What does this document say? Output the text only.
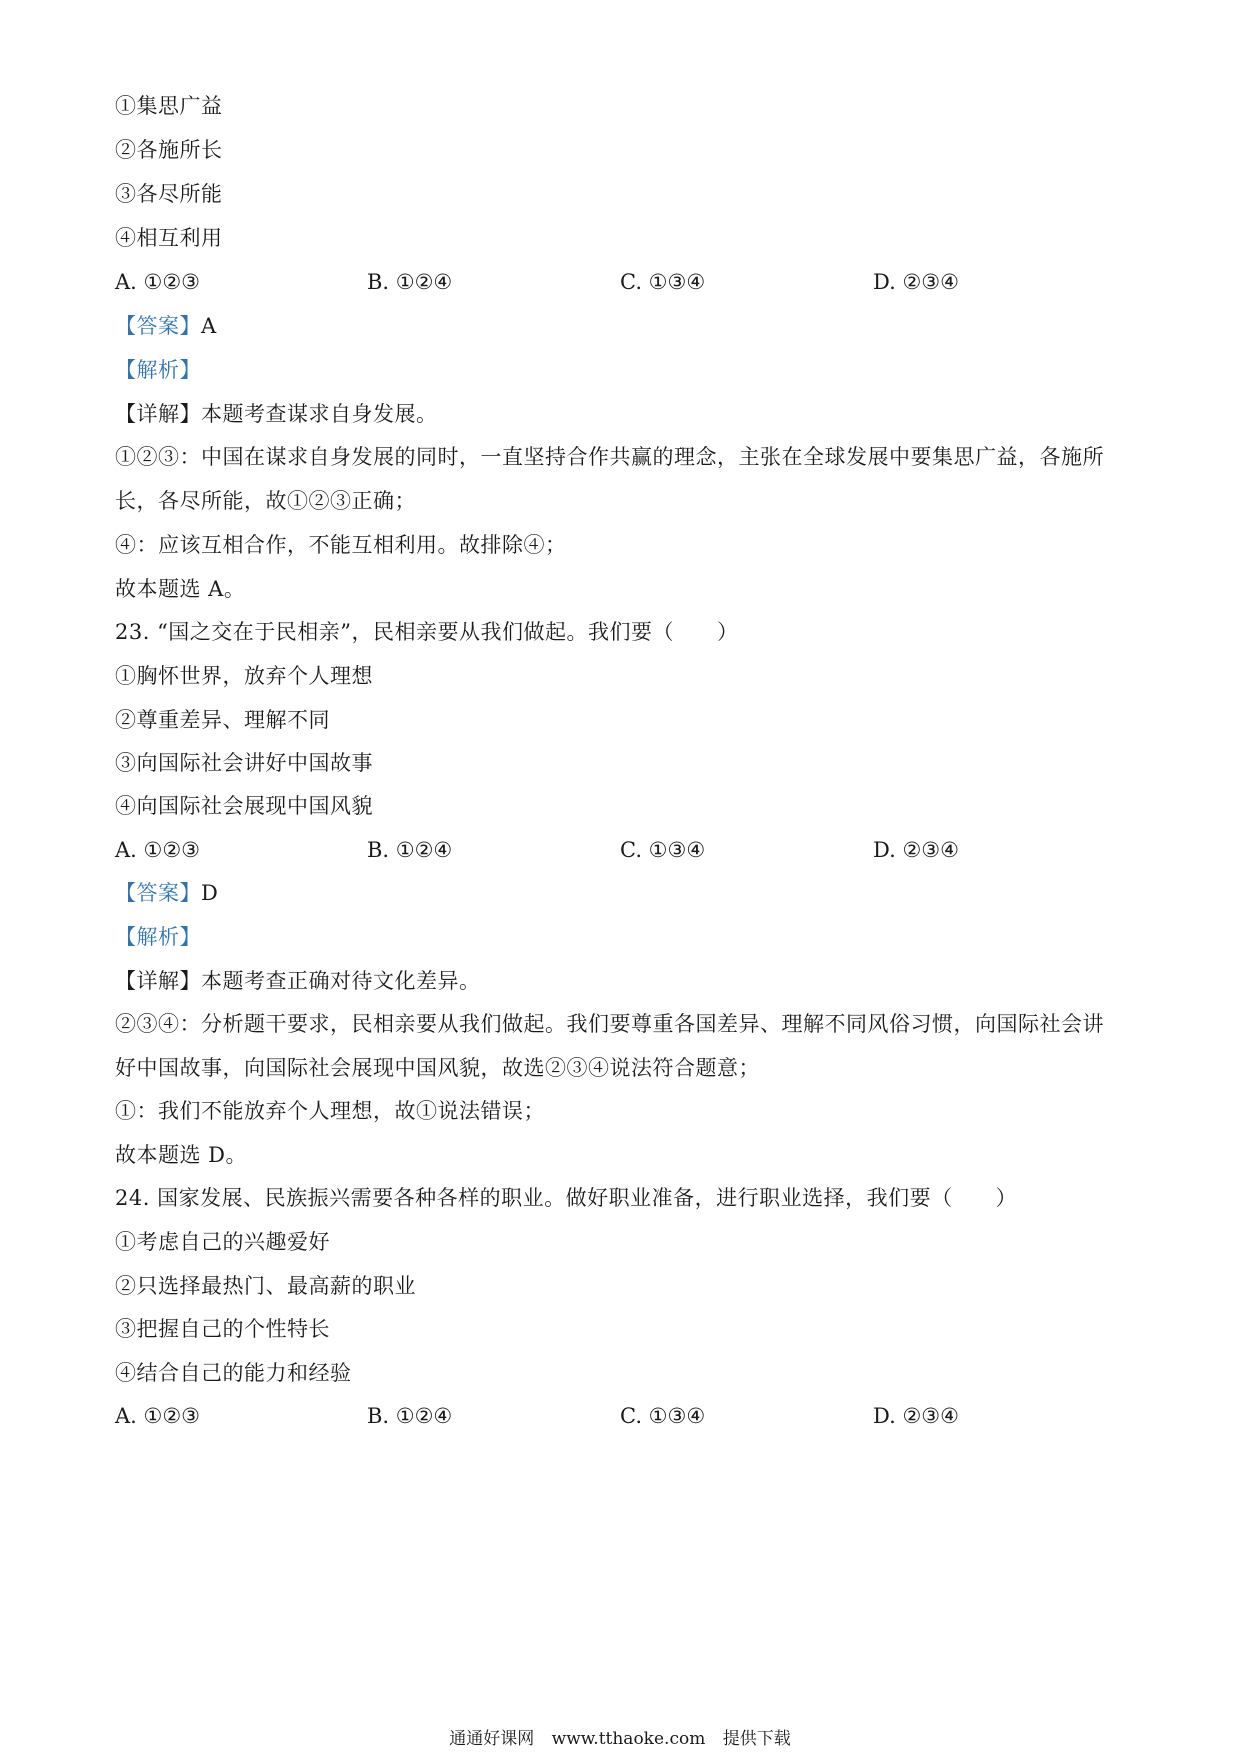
①集思广益
②各施所长
③各尽所能
④相互利用
A. ①②③	B. ①②④	C. ①③④	D. ②③④
【答案】A
【解析】
【详解】本题考查谋求自身发展。
①②③：中国在谋求自身发展的同时，一直坚持合作共赢的理念，主张在全球发展中要集思广益，各施所
长，各尽所能，故①②③正确；
④：应该互相合作，不能互相利用。故排除④；
故本题选 A。
23. “国之交在于民相亲”，民相亲要从我们做起。我们要（　　）
①胸怀世界，放弃个人理想
②尊重差异、理解不同
③向国际社会讲好中国故事
④向国际社会展现中国风貌
A. ①②③	B. ①②④	C. ①③④	D. ②③④
【答案】D
【解析】
【详解】本题考查正确对待文化差异。
②③④：分析题干要求，民相亲要从我们做起。我们要尊重各国差异、理解不同风俗习惯，向国际社会讲
好中国故事，向国际社会展现中国风貌，故选②③④说法符合题意；
①：我们不能放弃个人理想，故①说法错误；
故本题选 D。
24. 国家发展、民族振兴需要各种各样的职业。做好职业准备，进行职业选择，我们要（　　）
①考虑自己的兴趣爱好
②只选择最热门、最高薪的职业
③把握自己的个性特长
④结合自己的能力和经验
A. ①②③	B. ①②④	C. ①③④	D. ②③④
通通好课网 www.tthaoke.com 提供下载
